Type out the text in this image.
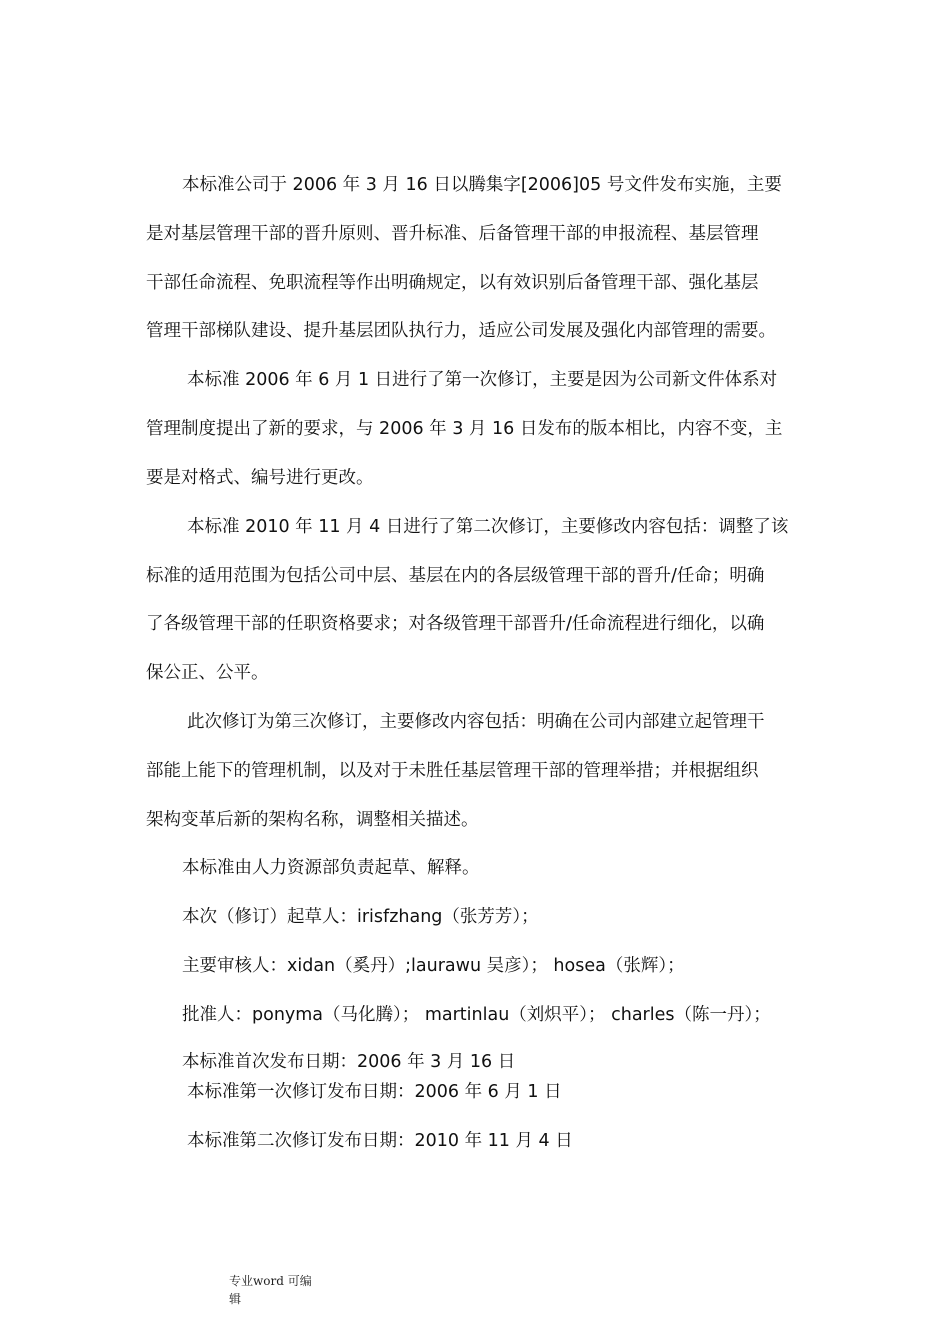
本标准公司于 2006 年 3 月 16 日以腾集字[2006]05 号文件发布实施，主要
是对基层管理干部的晋升原则、晋升标准、后备管理干部的申报流程、基层管理
干部任命流程、免职流程等作出明确规定，以有效识别后备管理干部、强化基层
管理干部梯队建设、提升基层团队执行力，适应公司发展及强化内部管理的需要。
本标准 2006 年 6 月 1 日进行了第一次修订，主要是因为公司新文件体系对
管理制度提出了新的要求，与 2006 年 3 月 16 日发布的版本相比，内容不变，主
要是对格式、编号进行更改。
本标准 2010 年 11 月 4 日进行了第二次修订，主要修改内容包括：调整了该
标准的适用范围为包括公司中层、基层在内的各层级管理干部的晋升/任命；明确
了各级管理干部的任职资格要求；对各级管理干部晋升/任命流程进行细化，以确
保公正、公平。
此次修订为第三次修订，主要修改内容包括：明确在公司内部建立起管理干
部能上能下的管理机制，以及对于未胜任基层管理干部的管理举措；并根据组织
架构变革后新的架构名称，调整相关描述。
本标准由人力资源部负责起草、解释。
本次（修订）起草人：irisfzhang（张芳芳）；
主要审核人：xidan（奚丹）;laurawu 吴彦）； hosea（张辉）；
批准人：ponyma（马化腾）； martinlau（刘炽平）； charles（陈一丹）；
本标准首次发布日期：2006 年 3 月 16 日
本标准第一次修订发布日期：2006 年 6 月 1 日
本标准第二次修订发布日期：2010 年 11 月 4 日
专业word 可编
辑
